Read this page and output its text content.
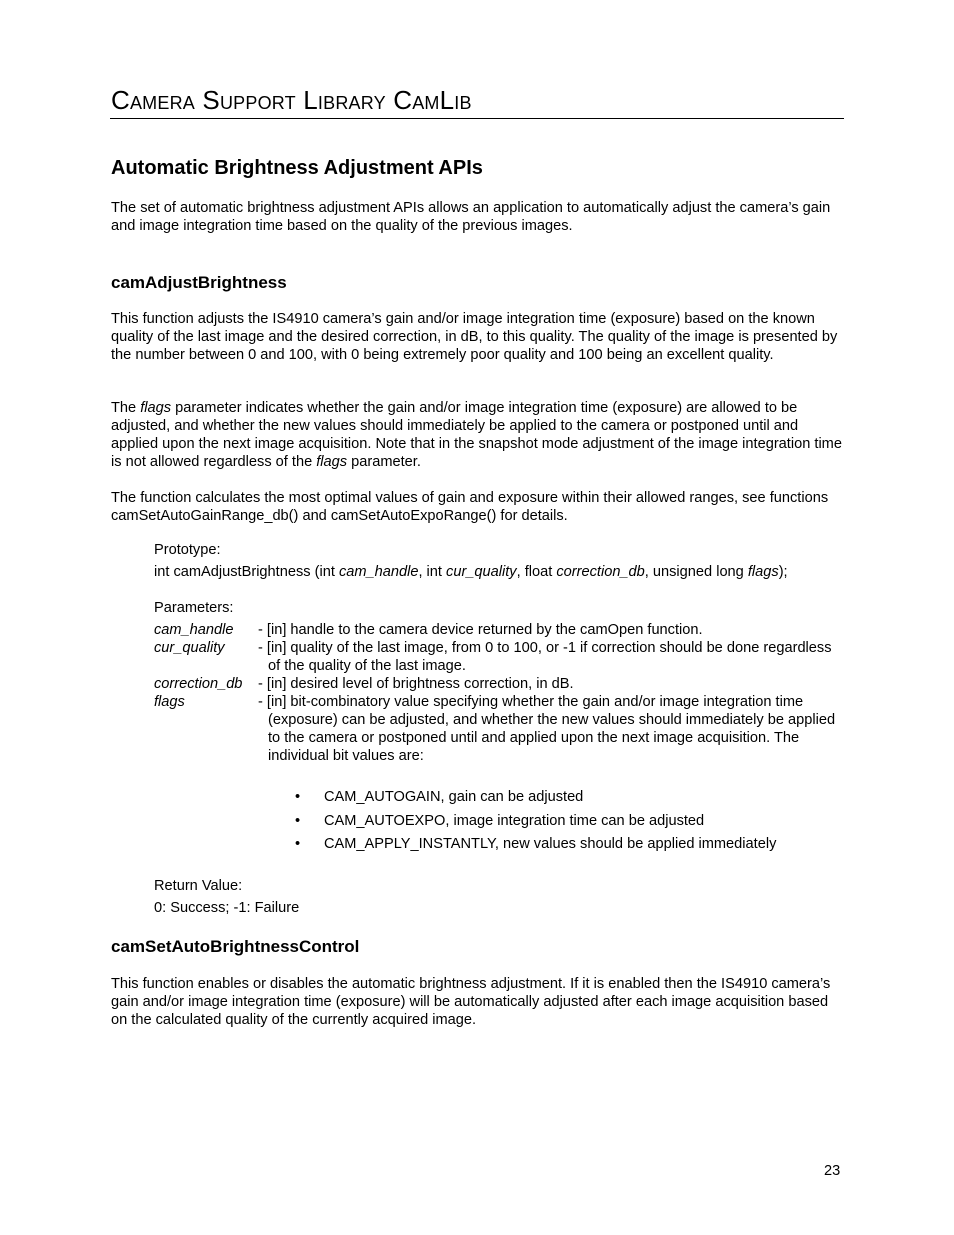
Camera Support Library CamLib
Automatic Brightness Adjustment APIs

The set of automatic brightness adjustment APIs allows an application to automatically adjust the camera’s gain and image integration time based on the quality of the previous images.

camAdjustBrightness

This function adjusts the IS4910 camera’s gain and/or image integration time (exposure) based on the known quality of the last image and the desired correction, in dB, to this quality. The quality of the image is presented by the number between 0 and 100, with 0 being extremely poor quality and 100 being an excellent quality.

The flags parameter indicates whether the gain and/or image integration time (exposure) are allowed to be adjusted, and whether the new values should immediately be applied to the camera or postponed until and applied upon the next image acquisition. Note that in the snapshot mode adjustment of the image integration time is not allowed regardless of the flags parameter.

The function calculates the most optimal values of gain and exposure within their allowed ranges, see functions camSetAutoGainRange_db() and camSetAutoExpoRange() for details.

Prototype:

int camAdjustBrightness (int cam_handle, int cur_quality, float correction_db, unsigned long flags);

Parameters:

cam_handle	- [in] handle to the camera device returned by the camOpen function.
cur_quality	- [in] quality of the last image, from 0 to 100, or -1 if correction should be done regardless of the quality of the last image.
correction_db	- [in] desired level of brightness correction, in dB.
flags	- [in] bit-combinatory value specifying whether the gain and/or image integration time (exposure) can be adjusted, and whether the new values should immediately be applied to the camera or postponed until and applied upon the next image acquisition. The individual bit values are:
• CAM_AUTOGAIN, gain can be adjusted
• CAM_AUTOEXPO, image integration time can be adjusted
• CAM_APPLY_INSTANTLY, new values should be applied immediately

Return Value:

0: Success; -1: Failure

camSetAutoBrightnessControl

This function enables or disables the automatic brightness adjustment. If it is enabled then the IS4910 camera’s gain and/or image integration time (exposure) will be automatically adjusted after each image acquisition based on the calculated quality of the currently acquired image.

23
